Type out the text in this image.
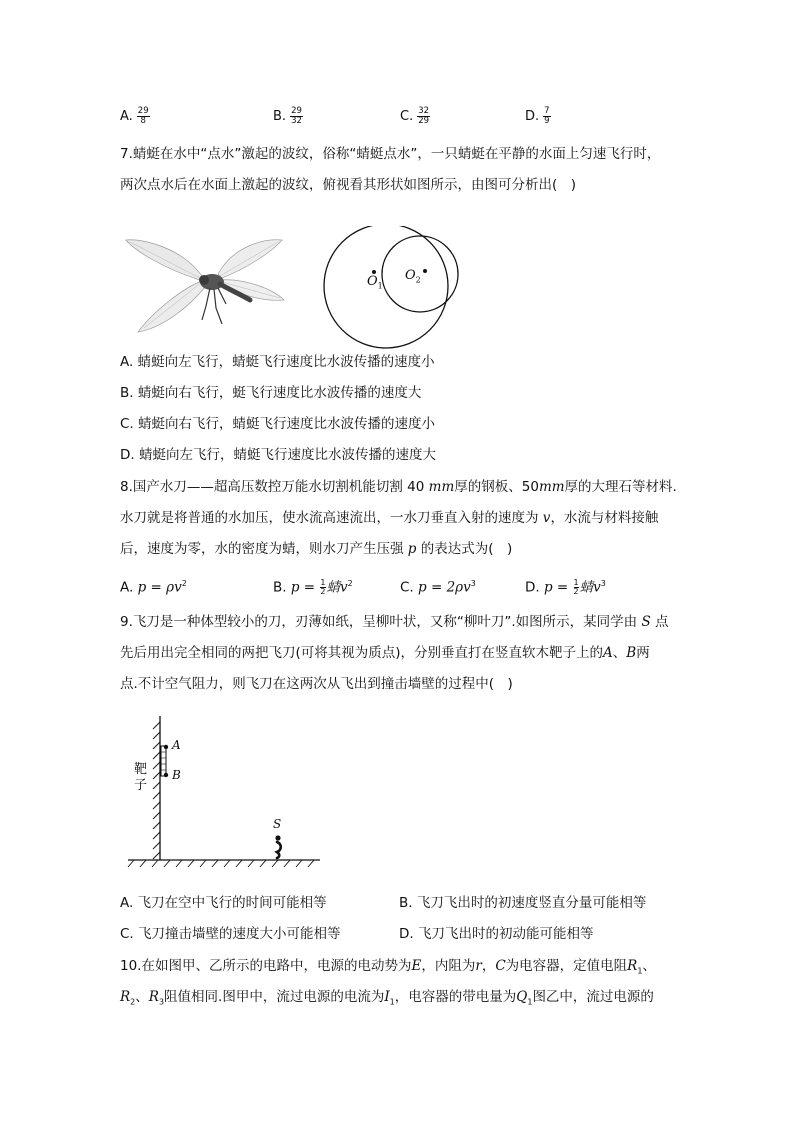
A. $\frac{29}{8}$	B. $\frac{29}{32}$	C. $\frac{32}{29}$	D. $\frac{7}{9}$
7.蜻蜓在水中“点水”激起的波纹，俗称“蜻蜓点水”，一只蜻蜓在平静的水面上匀速飞行时，
两次点水后在水面上激起的波纹，俯视看其形状如图所示，由图可分析出(　)
$O_1$
$O_2$
A. 蜻蜓向左飞行，蜻蜓飞行速度比水波传播的速度小
B. 蜻蜓向右飞行，蜓飞行速度比水波传播的速度大
C. 蜻蜓向右飞行，蜻蜓飞行速度比水波传播的速度小
D. 蜻蜓向左飞行，蜻蜓飞行速度比水波传播的速度大
8.国产水刀——超高压数控万能水切割机能切割 40 mm厚的钢板、50mm厚的大理石等材料.
水刀就是将普通的水加压，使水流高速流出，一水刀垂直入射的速度为 v，水流与材料接触
后，速度为零，水的密度为蜻，则水刀产生压强 p 的表达式为(　)
A. $p = \rho v^2$	B. $p = \frac{1}{2}$ 蜻$v^2$	C. $p = 2\rho v^3$	D. $p = \frac{1}{2}$ 蜻$v^3$
9.飞刀是一种体型较小的刀，刃薄如纸，呈柳叶状，又称“柳叶刀”.如图所示，某同学由 S 点
先后用出完全相同的两把飞刀(可将其视为质点)，分别垂直打在竖直软木靶子上的A、B两
点.不计空气阻力，则飞刀在这两次从飞出到撞击墙壁的过程中(　)
A
B
S
靶
子
A. 飞刀在空中飞行的时间可能相等	B. 飞刀飞出时的初速度竖直分量可能相等
C. 飞刀撞击墙壁的速度大小可能相等	D. 飞刀飞出时的初动能可能相等
10.在如图甲、乙所示的电路中，电源的电动势为E，内阻为r，C为电容器，定值电阻$R_1$、
$R_2$、$R_3$阻值相同.图甲中，流过电源的电流为$I_1$，电容器的带电量为$Q_1$图乙中，流过电源的
